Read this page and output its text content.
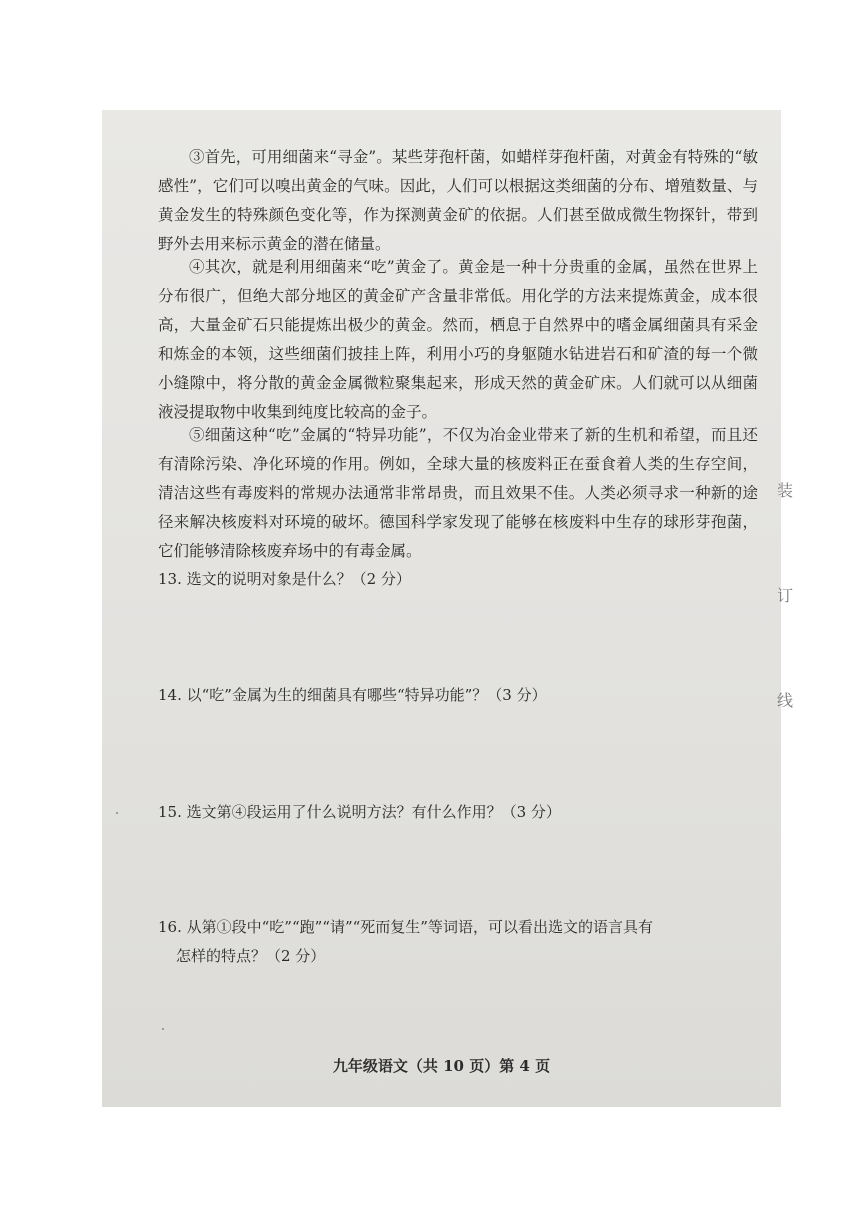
③首先，可用细菌来“寻金”。某些芽孢杆菌，如蜡样芽孢杆菌，对黄金有特殊的“敏感性”，它们可以嗅出黄金的气味。因此，人们可以根据这类细菌的分布、增殖数量、与黄金发生的特殊颜色变化等，作为探测黄金矿的依据。人们甚至做成微生物探针，带到野外去用来标示黄金的潜在储量。

④其次，就是利用细菌来“吃”黄金了。黄金是一种十分贵重的金属，虽然在世界上分布很广，但绝大部分地区的黄金矿产含量非常低。用化学的方法来提炼黄金，成本很高，大量金矿石只能提炼出极少的黄金。然而，栖息于自然界中的嗜金属细菌具有采金和炼金的本领，这些细菌们披挂上阵，利用小巧的身躯随水钻进岩石和矿渣的每一个微小缝隙中，将分散的黄金金属微粒聚集起来，形成天然的黄金矿床。人们就可以从细菌液浸提取物中收集到纯度比较高的金子。

⑤细菌这种“吃”金属的“特异功能”，不仅为冶金业带来了新的生机和希望，而且还有清除污染、净化环境的作用。例如，全球大量的核废料正在蚕食着人类的生存空间，清洁这些有毒废料的常规办法通常非常昂贵，而且效果不佳。人类必须寻求一种新的途径来解决核废料对环境的破坏。德国科学家发现了能够在核废料中生存的球形芽孢菌，它们能够清除核废弃场中的有毒金属。

13. 选文的说明对象是什么？（2 分）

14. 以“吃”金属为生的细菌具有哪些“特异功能”？（3 分）

15. 选文第④段运用了什么说明方法？有什么作用？（3 分）

16. 从第①段中“吃”“跑”“请”“死而复生”等词语，可以看出选文的语言具有
怎样的特点？（2 分）

九年级语文（共 10 页）第 4 页
装
订
线
